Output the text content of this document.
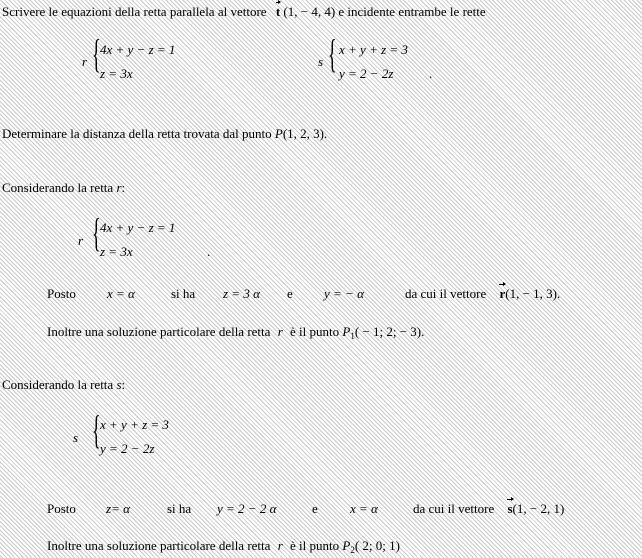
Scrivere le equazioni della retta parallela al vettore t (1, − 4, 4) e incidente entrambe le rette
r { 4x + y − z = 1
z = 3x
s { x + y + z = 3
y = 2 − 2z	.
Determinare la distanza della retta trovata dal punto P(1, 2, 3).
Considerando la retta r:
r { 4x + y − z = 1
z = 3x	.
Posto x = α	si ha z = 3 α e y = − α	da cui il vettore r(1, − 1, 3).
Inoltre una soluzione particolare della retta r è il punto $P_1( - 1$; 2; − 3).
Considerando la retta s:
s { x + y + z = 3
y = 2 − 2z
Posto z= α	si ha y = 2 − 2 α	e x = α	da cui il vettore s(1, − 2, 1)
Inoltre una soluzione particolare della retta r è il punto $P_2$( 2; 0; 1)
